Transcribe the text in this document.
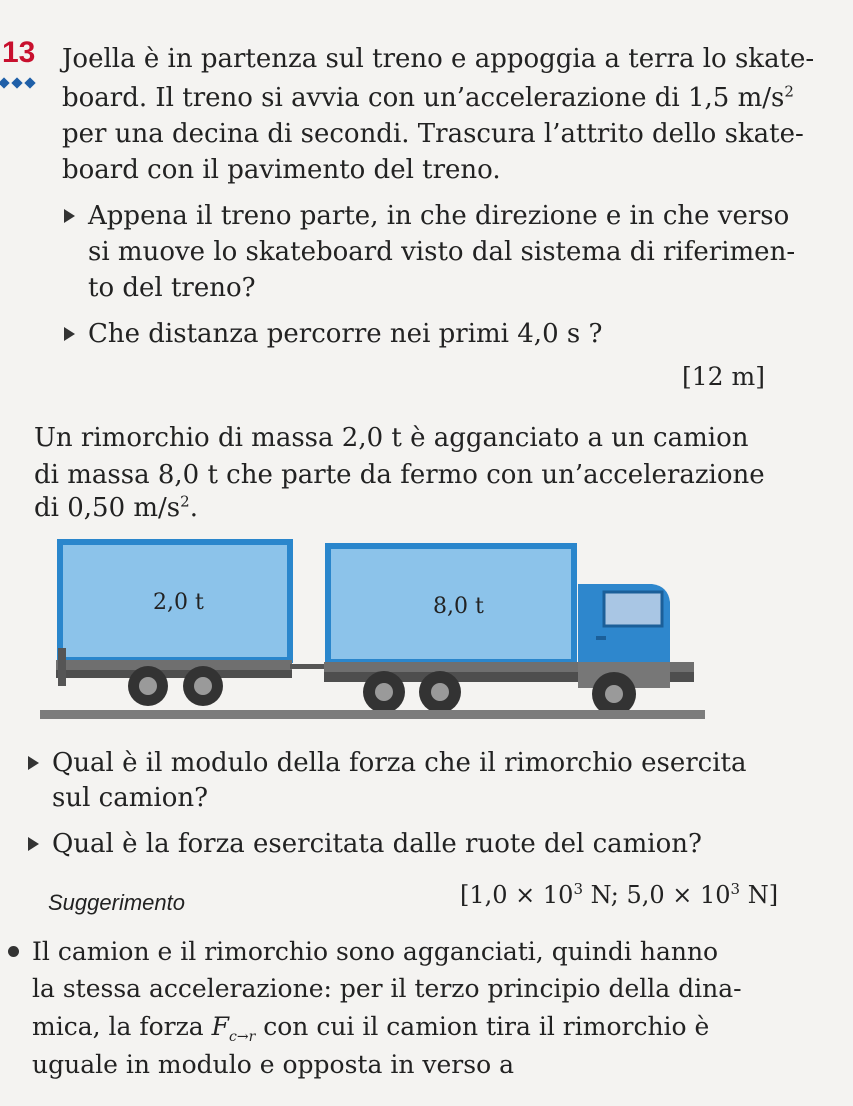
13 Joella è in partenza sul treno e appoggia a terra lo skate-
board. Il treno si avvia con un’accelerazione di 1,5 $m/s^2$
per una decina di secondi. Trascura l’attrito dello skate-
board con il pavimento del treno.
Appena il treno parte, in che direzione e in che verso
si muove lo skateboard visto dal sistema di riferimen-
to del treno?
Che distanza percorre nei primi 4,0 s ?
[12 m]
Un rimorchio di massa 2,0 t è agganciato a un camion
di massa 8,0 t che parte da fermo con un’accelerazione
di 0,50 $m/s^2$.
2,0 t	8,0 t
Qual è il modulo della forza che il rimorchio esercita
sul camion?
Qual è la forza esercitata dalle ruote del camion?
[$1,0 \times 10^3$ N; $5,0 \times 10^3$ N]
Suggerimento
Il camion e il rimorchio sono agganciati, quindi hanno
la stessa accelerazione: per il terzo principio della dina-
mica, la forza $F_{c\to r}$ con cui il camion tira il rimorchio è
uguale in modulo e opposta in verso a
